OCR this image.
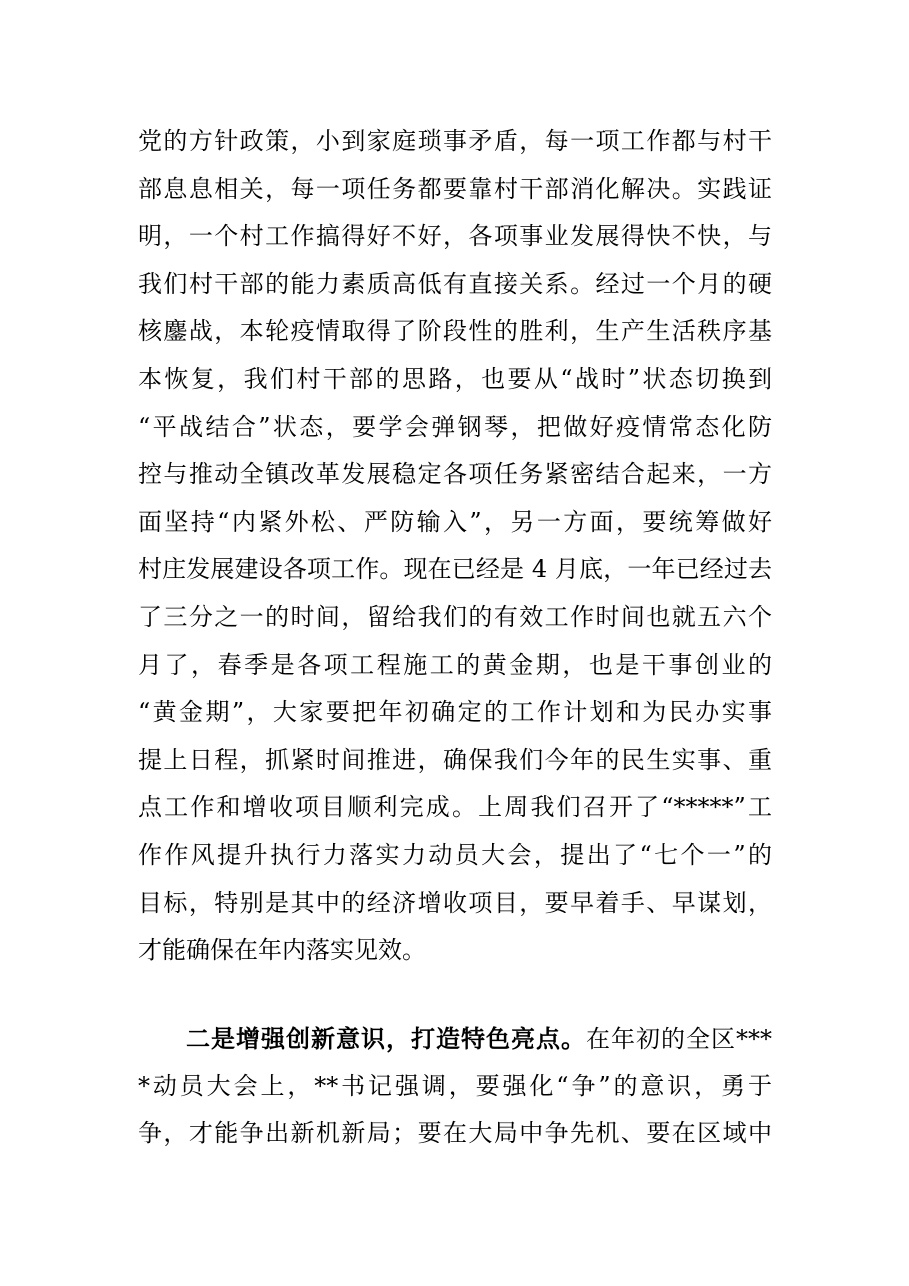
党的方针政策，小到家庭琐事矛盾，每一项工作都与村干
部息息相关，每一项任务都要靠村干部消化解决。实践证
明，一个村工作搞得好不好，各项事业发展得快不快，与
我们村干部的能力素质高低有直接关系。经过一个月的硬
核鏖战，本轮疫情取得了阶段性的胜利，生产生活秩序基
本恢复，我们村干部的思路，也要从“战时”状态切换到
“平战结合”状态，要学会弹钢琴，把做好疫情常态化防
控与推动全镇改革发展稳定各项任务紧密结合起来，一方
面坚持“内紧外松、严防输入”，另一方面，要统筹做好
村庄发展建设各项工作。现在已经是 4 月底，一年已经过去
了三分之一的时间，留给我们的有效工作时间也就五六个
月了，春季是各项工程施工的黄金期，也是干事创业的
“黄金期”，大家要把年初确定的工作计划和为民办实事
提上日程，抓紧时间推进，确保我们今年的民生实事、重
点工作和增收项目顺利完成。上周我们召开了“*****”工
作作风提升执行力落实力动员大会，提出了“七个一”的
目标，特别是其中的经济增收项目，要早着手、早谋划，
才能确保在年内落实见效。
二是增强创新意识，打造特色亮点。在年初的全区***
*动员大会上，**书记强调，要强化“争”的意识，勇于
争，才能争出新机新局；要在大局中争先机、要在区域中
